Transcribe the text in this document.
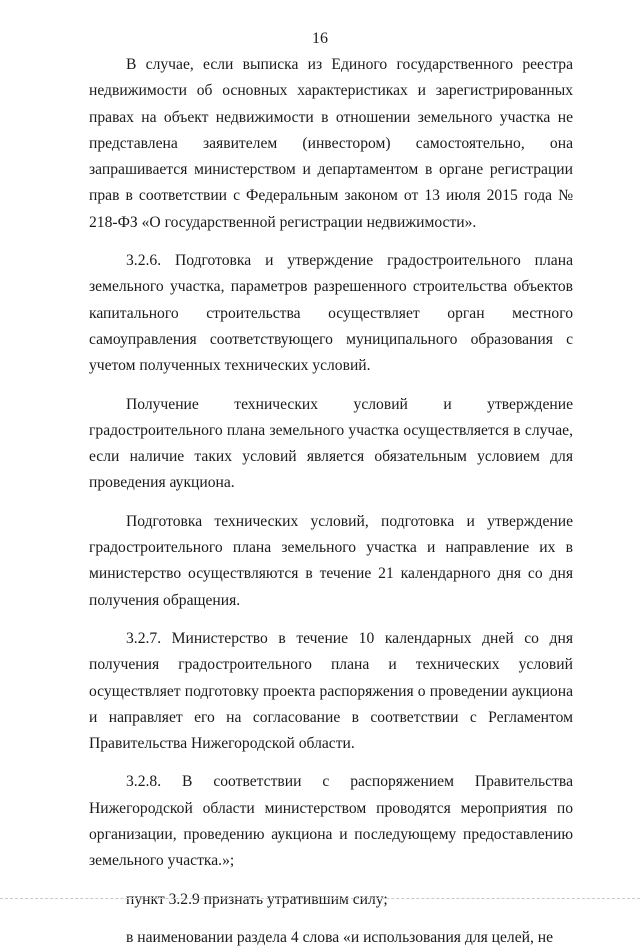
16

В случае, если выписка из Единого государственного реестра недвижимости об основных характеристиках и зарегистрированных правах на объект недвижимости в отношении земельного участка не представлена заявителем (инвестором) самостоятельно, она запрашивается министерством и департаментом в органе регистрации прав в соответствии с Федеральным законом от 13 июля 2015 года № 218-ФЗ «О государственной регистрации недвижимости».

3.2.6. Подготовка и утверждение градостроительного плана земельного участка, параметров разрешенного строительства объектов капитального строительства осуществляет орган местного самоуправления соответствующего муниципального образования с учетом полученных технических условий.

Получение технических условий и утверждение градостроительного плана земельного участка осуществляется в случае, если наличие таких условий является обязательным условием для проведения аукциона.

Подготовка технических условий, подготовка и утверждение градостроительного плана земельного участка и направление их в министерство осуществляются в течение 21 календарного дня со дня получения обращения.

3.2.7. Министерство в течение 10 календарных дней со дня получения градостроительного плана и технических условий осуществляет подготовку проекта распоряжения о проведении аукциона и направляет его на согласование в соответствии с Регламентом Правительства Нижегородской области.

3.2.8. В соответствии с распоряжением Правительства Нижегородской области министерством проводятся мероприятия по организации, проведению аукциона и последующему предоставлению земельного участка.»;

пункт 3.2.9 признать утратившим силу;

в наименовании раздела 4 слова «и использования для целей, не
